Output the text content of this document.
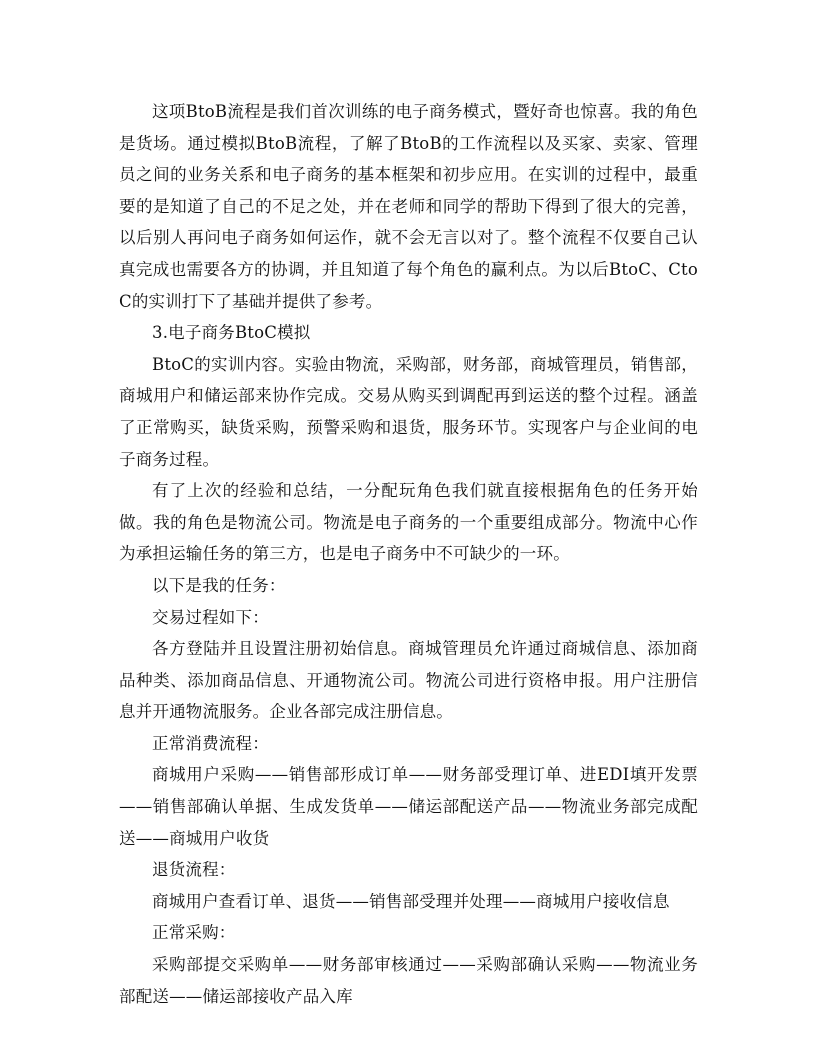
这项BtoB流程是我们首次训练的电子商务模式，暨好奇也惊喜。我的角色是货场。通过模拟BtoB流程，了解了BtoB的工作流程以及买家、卖家、管理员之间的业务关系和电子商务的基本框架和初步应用。在实训的过程中，最重要的是知道了自己的不足之处，并在老师和同学的帮助下得到了很大的完善，以后别人再问电子商务如何运作，就不会无言以对了。整个流程不仅要自己认真完成也需要各方的协调，并且知道了每个角色的赢利点。为以后BtoC、CtoC的实训打下了基础并提供了参考。

3.电子商务BtoC模拟

BtoC的实训内容。实验由物流，采购部，财务部，商城管理员，销售部，商城用户和储运部来协作完成。交易从购买到调配再到运送的整个过程。涵盖了正常购买，缺货采购，预警采购和退货，服务环节。实现客户与企业间的电子商务过程。

有了上次的经验和总结，一分配玩角色我们就直接根据角色的任务开始做。我的角色是物流公司。物流是电子商务的一个重要组成部分。物流中心作为承担运输任务的第三方，也是电子商务中不可缺少的一环。

以下是我的任务：

交易过程如下：

各方登陆并且设置注册初始信息。商城管理员允许通过商城信息、添加商品种类、添加商品信息、开通物流公司。物流公司进行资格申报。用户注册信息并开通物流服务。企业各部完成注册信息。

正常消费流程：

商城用户采购——销售部形成订单——财务部受理订单、进EDI填开发票——销售部确认单据、生成发货单——储运部配送产品——物流业务部完成配送——商城用户收货

退货流程：

商城用户查看订单、退货——销售部受理并处理——商城用户接收信息

正常采购：

采购部提交采购单——财务部审核通过——采购部确认采购——物流业务部配送——储运部接收产品入库
